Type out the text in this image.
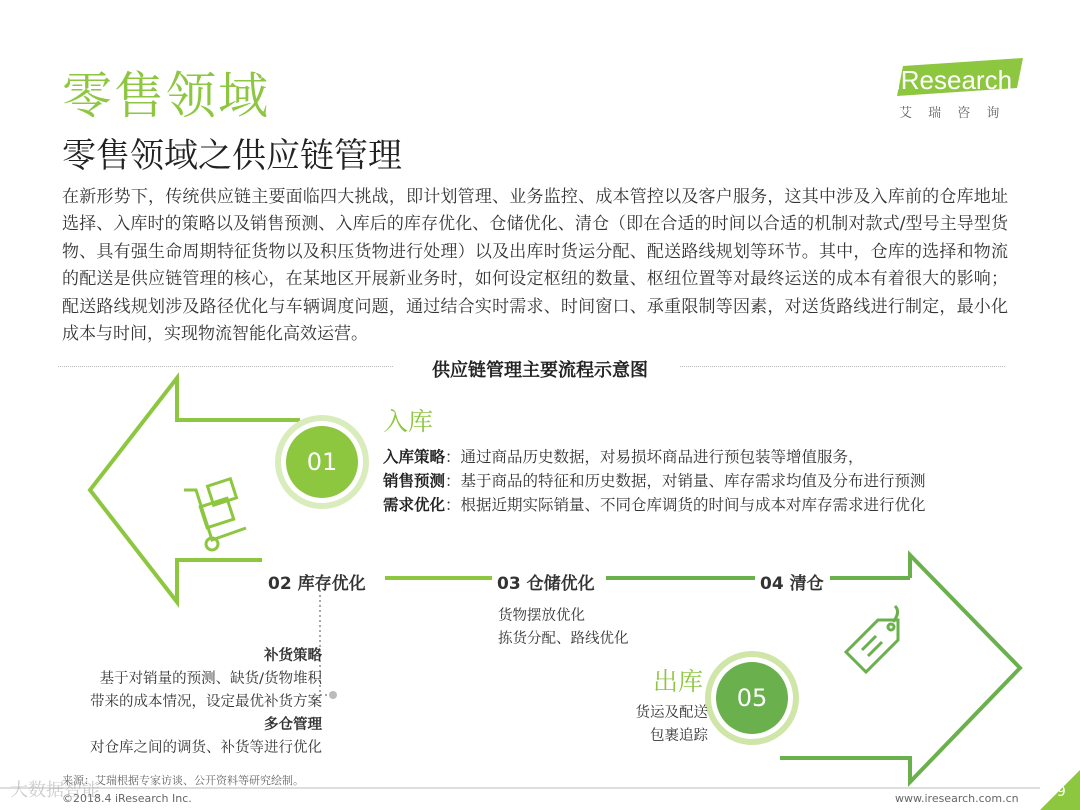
零售领域
零售领域之供应链管理
iResearch
艾 瑞 咨 询
在新形势下，传统供应链主要面临四大挑战，即计划管理、业务监控、成本管控以及客户服务，这其中涉及入库前的仓库地址选择、入库时的策略以及销售预测、入库后的库存优化、仓储优化、清仓（即在合适的时间以合适的机制对款式/型号主导型货物、具有强生命周期特征货物以及积压货物进行处理）以及出库时货运分配、配送路线规划等环节。其中，仓库的选择和物流的配送是供应链管理的核心，在某地区开展新业务时，如何设定枢纽的数量、枢纽位置等对最终运送的成本有着很大的影响；配送路线规划涉及路径优化与车辆调度问题，通过结合实时需求、时间窗口、承重限制等因素，对送货路线进行制定，最小化成本与时间，实现物流智能化高效运营。
供应链管理主要流程示意图
01
入库
入库策略：通过商品历史数据，对易损坏商品进行预包装等增值服务，
销售预测：基于商品的特征和历史数据，对销量、库存需求均值及分布进行预测
需求优化：根据近期实际销量、不同仓库调货的时间与成本对库存需求进行优化
02 库存优化	03 仓储优化	04 清仓
补货策略
基于对销量的预测、缺货/货物堆积
带来的成本情况，设定最优补货方案
多仓管理
对仓库之间的调货、补货等进行优化
货物摆放优化
拣货分配、路线优化
05
出库
货运及配送
包裹追踪
来源：艾瑞根据专家访谈、公开资料等研究绘制。
©2018.4 iResearch Inc.	www.iresearch.com.cn 39
大数据智能
